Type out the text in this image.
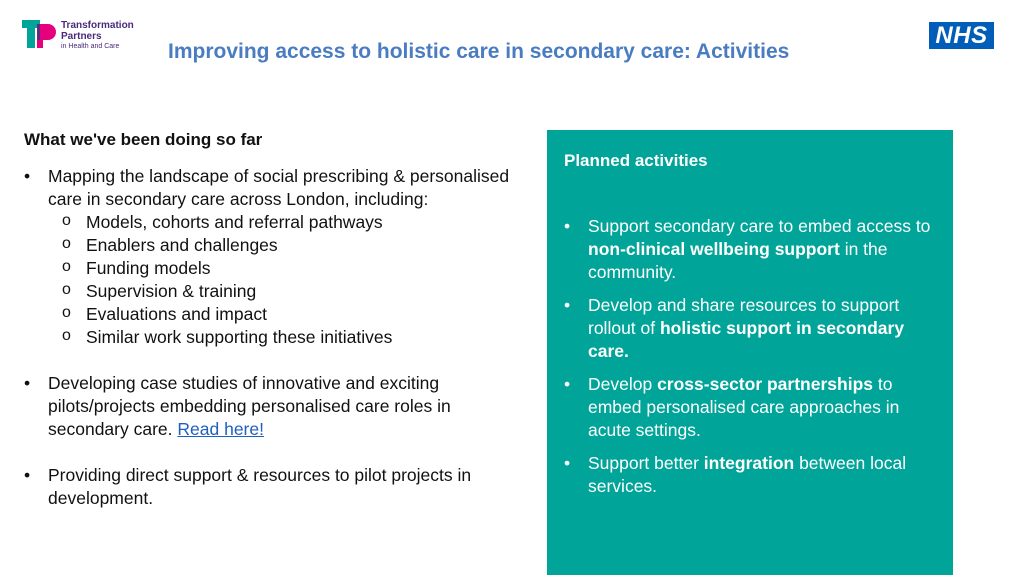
Transformation
Partners
in Health and Care	NHS
Improving access to holistic care in secondary care: Activities
What we've been doing so far
• Mapping the landscape of social prescribing & personalised care in secondary care across London, including:
o Models, cohorts and referral pathways
o Enablers and challenges
o Funding models
o Supervision & training
o Evaluations and impact
o Similar work supporting these initiatives
• Developing case studies of innovative and exciting pilots/projects embedding personalised care roles in secondary care. Read here!
• Providing direct support & resources to pilot projects in development.
Planned activities
• Support secondary care to embed access to non-clinical wellbeing support in the community.
• Develop and share resources to support rollout of holistic support in secondary care.
• Develop cross-sector partnerships to embed personalised care approaches in acute settings.
• Support better integration between local services.
